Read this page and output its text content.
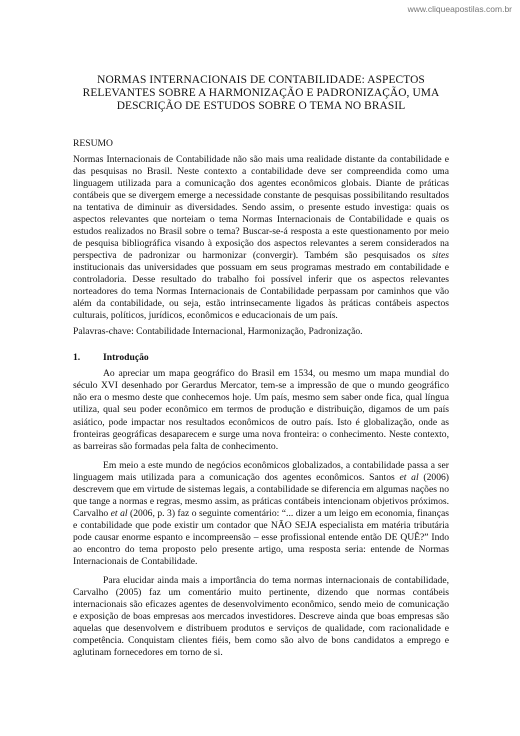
www.cliqueapostilas.com.br
NORMAS INTERNACIONAIS DE CONTABILIDADE: ASPECTOS
RELEVANTES SOBRE A HARMONIZAÇÃO E PADRONIZAÇÃO, UMA
DESCRIÇÃO DE ESTUDOS SOBRE O TEMA NO BRASIL
RESUMO

Normas Internacionais de Contabilidade não são mais uma realidade distante da contabilidade e das pesquisas no Brasil. Neste contexto a contabilidade deve ser compreendida como uma linguagem utilizada para a comunicação dos agentes econômicos globais. Diante de práticas contábeis que se divergem emerge a necessidade constante de pesquisas possibilitando resultados na tentativa de diminuir as diversidades. Sendo assim, o presente estudo investiga: quais os aspectos relevantes que norteiam o tema Normas Internacionais de Contabilidade e quais os estudos realizados no Brasil sobre o tema? Buscar-se-á resposta a este questionamento por meio de pesquisa bibliográfica visando à exposição dos aspectos relevantes a serem considerados na perspectiva de padronizar ou harmonizar (convergir). Também são pesquisados os sites institucionais das universidades que possuam em seus programas mestrado em contabilidade e controladoria. Desse resultado do trabalho foi possível inferir que os aspectos relevantes norteadores do tema Normas Internacionais de Contabilidade perpassam por caminhos que vão além da contabilidade, ou seja, estão intrinsecamente ligados às práticas contábeis aspectos culturais, políticos, jurídicos, econômicos e educacionais de um país.

Palavras-chave: Contabilidade Internacional, Harmonização, Padronização.

1.	Introdução

Ao apreciar um mapa geográfico do Brasil em 1534, ou mesmo um mapa mundial do século XVI desenhado por Gerardus Mercator, tem-se a impressão de que o mundo geográfico não era o mesmo deste que conhecemos hoje. Um país, mesmo sem saber onde fica, qual língua utiliza, qual seu poder econômico em termos de produção e distribuição, digamos de um país asiático, pode impactar nos resultados econômicos de outro país. Isto é globalização, onde as fronteiras geográficas desaparecem e surge uma nova fronteira: o conhecimento. Neste contexto, as barreiras são formadas pela falta de conhecimento.

Em meio a este mundo de negócios econômicos globalizados, a contabilidade passa a ser linguagem mais utilizada para a comunicação dos agentes econômicos. Santos et al (2006) descrevem que em virtude de sistemas legais, a contabilidade se diferencia em algumas nações no que tange a normas e regras, mesmo assim, as práticas contábeis intencionam objetivos próximos. Carvalho et al (2006, p. 3) faz o seguinte comentário: “... dizer a um leigo em economia, finanças e contabilidade que pode existir um contador que NÃO SEJA especialista em matéria tributária pode causar enorme espanto e incompreensão – esse profissional entende então DE QUÊ?” Indo ao encontro do tema proposto pelo presente artigo, uma resposta seria: entende de Normas Internacionais de Contabilidade.

Para elucidar ainda mais a importância do tema normas internacionais de contabilidade, Carvalho (2005) faz um comentário muito pertinente, dizendo que normas contábeis internacionais são eficazes agentes de desenvolvimento econômico, sendo meio de comunicação e exposição de boas empresas aos mercados investidores. Descreve ainda que boas empresas são aquelas que desenvolvem e distribuem produtos e serviços de qualidade, com racionalidade e competência. Conquistam clientes fiéis, bem como são alvo de bons candidatos a emprego e aglutinam fornecedores em torno de si.
